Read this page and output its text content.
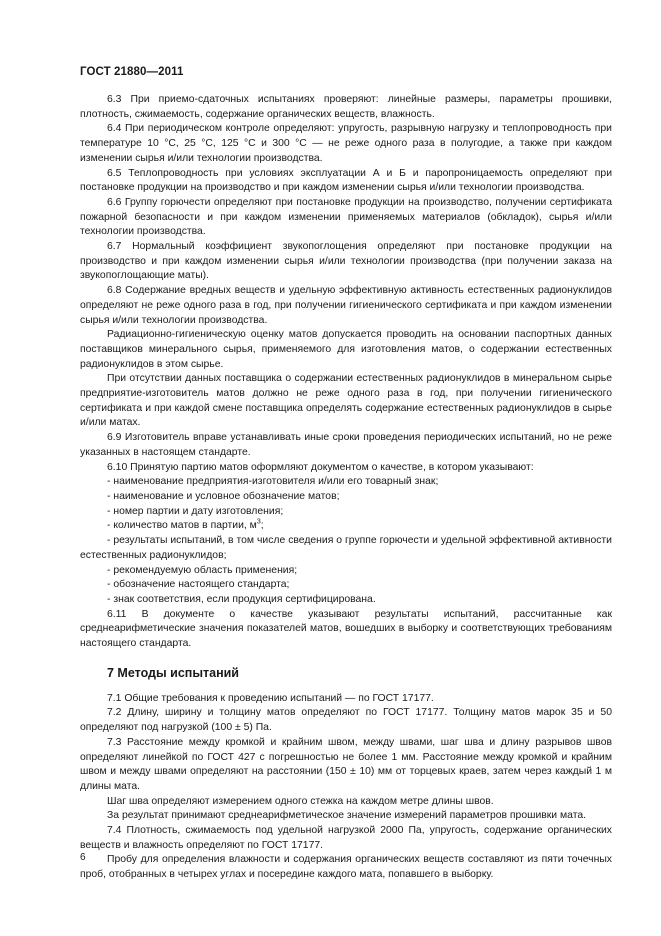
ГОСТ 21880—2011

6.3 При приемо-сдаточных испытаниях проверяют: линейные размеры, параметры прошивки, плотность, сжимаемость, содержание органических веществ, влажность.

6.4 При периодическом контроле определяют: упругость, разрывную нагрузку и теплопроводность при температуре 10 °С, 25 °С, 125 °С и 300 °С — не реже одного раза в полугодие, а также при каждом изменении сырья и/или технологии производства.

6.5 Теплопроводность при условиях эксплуатации А и Б и паропроницаемость определяют при постановке продукции на производство и при каждом изменении сырья и/или технологии производства.

6.6 Группу горючести определяют при постановке продукции на производство, получении сертификата пожарной безопасности и при каждом изменении применяемых материалов (обкладок), сырья и/или технологии производства.

6.7 Нормальный коэффициент звукопоглощения определяют при постановке продукции на производство и при каждом изменении сырья и/или технологии производства (при получении заказа на звукопоглощающие маты).

6.8 Содержание вредных веществ и удельную эффективную активность естественных радионуклидов определяют не реже одного раза в год, при получении гигиенического сертификата и при каждом изменении сырья и/или технологии производства.

Радиационно-гигиеническую оценку матов допускается проводить на основании паспортных данных поставщиков минерального сырья, применяемого для изготовления матов, о содержании естественных радионуклидов в этом сырье.

При отсутствии данных поставщика о содержании естественных радионуклидов в минеральном сырье предприятие-изготовитель матов должно не реже одного раза в год, при получении гигиенического сертификата и при каждой смене поставщика определять содержание естественных радионуклидов в сырье и/или матах.

6.9 Изготовитель вправе устанавливать иные сроки проведения периодических испытаний, но не реже указанных в настоящем стандарте.

6.10 Принятую партию матов оформляют документом о качестве, в котором указывают:

- наименование предприятия-изготовителя и/или его товарный знак;

- наименование и условное обозначение матов;

- номер партии и дату изготовления;

- количество матов в партии, $м^3$;

- результаты испытаний, в том числе сведения о группе горючести и удельной эффективной активности естественных радионуклидов;

- рекомендуемую область применения;

- обозначение настоящего стандарта;

- знак соответствия, если продукция сертифицирована.

6.11 В документе о качестве указывают результаты испытаний, рассчитанные как среднеарифметические значения показателей матов, вошедших в выборку и соответствующих требованиям настоящего стандарта.

7 Методы испытаний

7.1 Общие требования к проведению испытаний — по ГОСТ 17177.

7.2 Длину, ширину и толщину матов определяют по ГОСТ 17177. Толщину матов марок 35 и 50 определяют под нагрузкой (100 ± 5) Па.

7.3 Расстояние между кромкой и крайним швом, между швами, шаг шва и длину разрывов швов определяют линейкой по ГОСТ 427 с погрешностью не более 1 мм. Расстояние между кромкой и крайним швом и между швами определяют на расстоянии (150 ± 10) мм от торцевых краев, затем через каждый 1 м длины мата.

Шаг шва определяют измерением одного стежка на каждом метре длины швов.

За результат принимают среднеарифметическое значение измерений параметров прошивки мата.

7.4 Плотность, сжимаемость под удельной нагрузкой 2000 Па, упругость, содержание органических веществ и влажность определяют по ГОСТ 17177.

Пробу для определения влажности и содержания органических веществ составляют из пяти точечных проб, отобранных в четырех углах и посередине каждого мата, попавшего в выборку.

6
